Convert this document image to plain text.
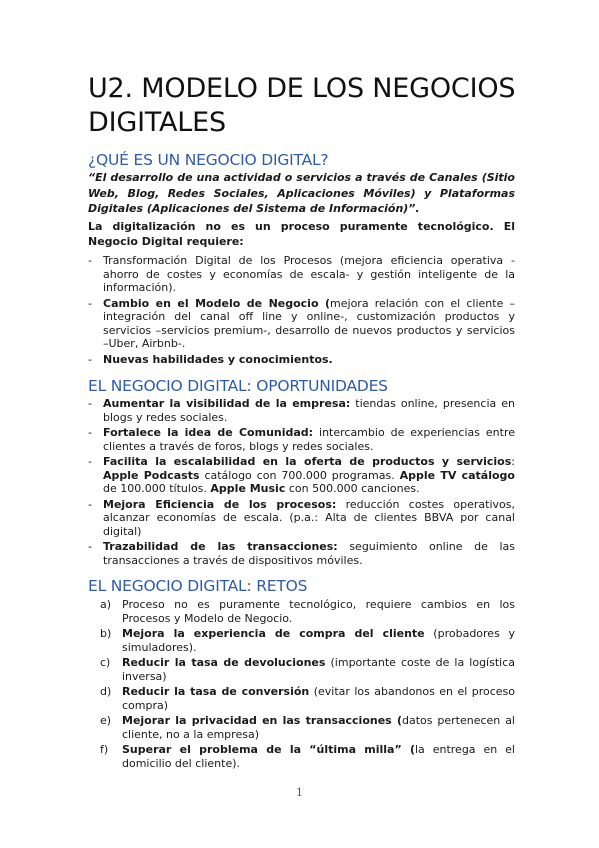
U2. MODELO DE LOS NEGOCIOS DIGITALES
¿QUÉ ES UN NEGOCIO DIGITAL?

“El desarrollo de una actividad o servicios a través de Canales (Sitio Web, Blog, Redes Sociales, Aplicaciones Móviles) y Plataformas Digitales (Aplicaciones del Sistema de Información)”.

La digitalización no es un proceso puramente tecnológico. El Negocio Digital requiere:

- Transformación Digital de los Procesos (mejora eficiencia operativa - ahorro de costes y economías de escala- y gestión inteligente de la información).
- Cambio en el Modelo de Negocio (mejora relación con el cliente –integración del canal off line y online-, customización productos y servicios –servicios premium-, desarrollo de nuevos productos y servicios –Uber, Airbnb-.
- Nuevas habilidades y conocimientos.
EL NEGOCIO DIGITAL: OPORTUNIDADES
- Aumentar la visibilidad de la empresa: tiendas online, presencia en blogs y redes sociales.
- Fortalece la idea de Comunidad: intercambio de experiencias entre clientes a través de foros, blogs y redes sociales.
- Facilita la escalabilidad en la oferta de productos y servicios: Apple Podcasts catálogo con 700.000 programas. Apple TV catálogo de 100.000 títulos. Apple Music con 500.000 canciones.
- Mejora Eficiencia de los procesos: reducción costes operativos, alcanzar economías de escala. (p.a.: Alta de clientes BBVA por canal digital)
- Trazabilidad de las transacciones: seguimiento online de las transacciones a través de dispositivos móviles.
EL NEGOCIO DIGITAL: RETOS
a) Proceso no es puramente tecnológico, requiere cambios en los Procesos y Modelo de Negocio.
b) Mejora la experiencia de compra del cliente (probadores y simuladores).
c) Reducir la tasa de devoluciones (importante coste de la logística inversa)
d) Reducir la tasa de conversión (evitar los abandonos en el proceso compra)
e) Mejorar la privacidad en las transacciones (datos pertenecen al cliente, no a la empresa)
f) Superar el problema de la “última milla” (la entrega en el domicilio del cliente).
1
